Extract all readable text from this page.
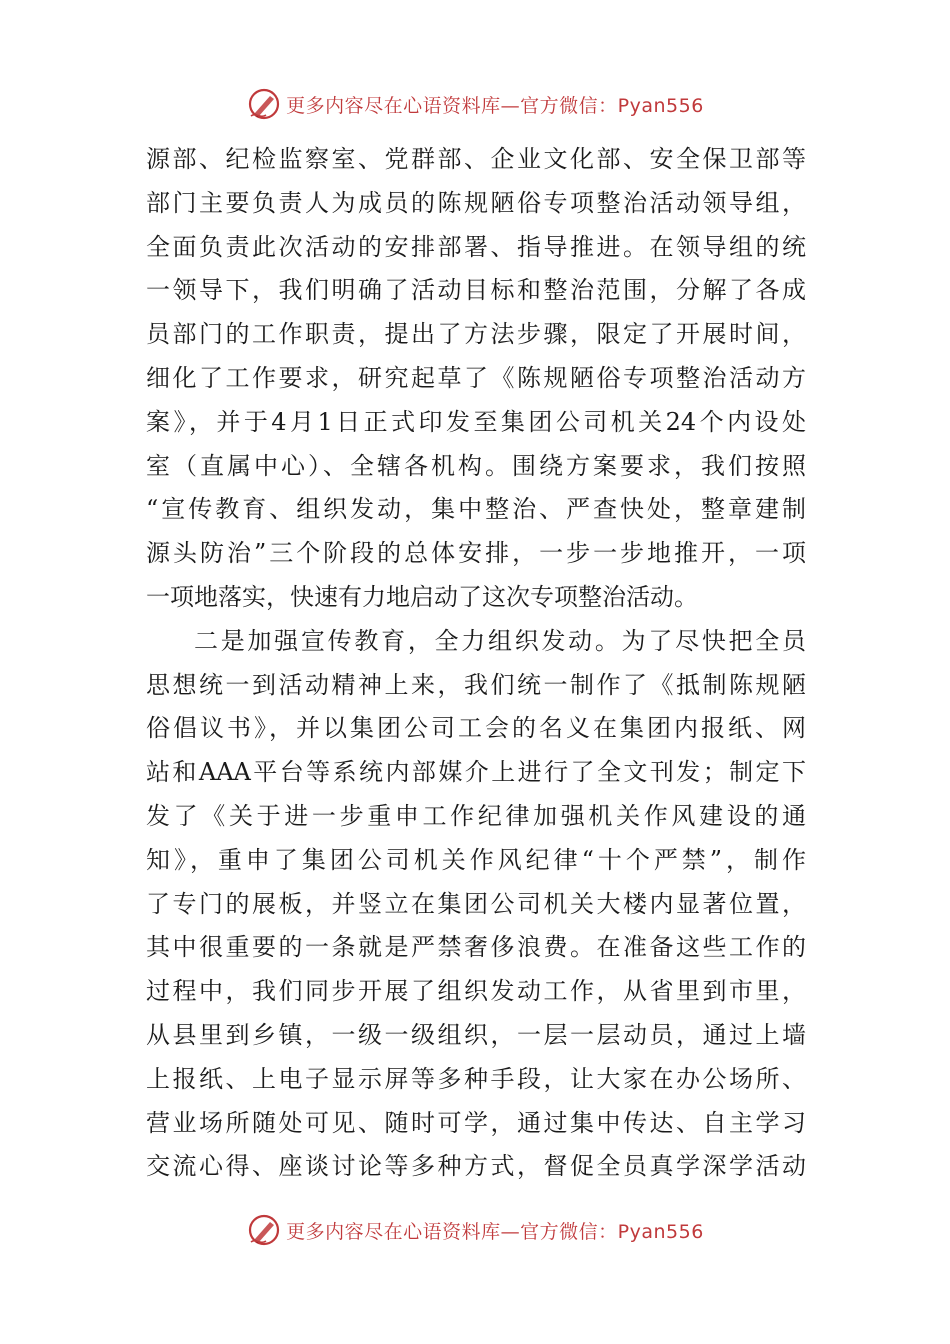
更多内容尽在心语资料库—官方微信：Pyan556
源部、纪检监察室、党群部、企业文化部、安全保卫部等
部门主要负责人为成员的陈规陋俗专项整治活动领导组，
全面负责此次活动的安排部署、指导推进。在领导组的统
一领导下，我们明确了活动目标和整治范围，分解了各成
员部门的工作职责，提出了方法步骤，限定了开展时间，
细化了工作要求，研究起草了《陈规陋俗专项整治活动方
案》，并于4月1日正式印发至集团公司机关24个内设处
室（直属中心）、全辖各机构。围绕方案要求，我们按照
“宣传教育、组织发动，集中整治、严查快处，整章建制
源头防治”三个阶段的总体安排，一步一步地推开，一项
一项地落实，快速有力地启动了这次专项整治活动。
二是加强宣传教育，全力组织发动。为了尽快把全员
思想统一到活动精神上来，我们统一制作了《抵制陈规陋
俗倡议书》，并以集团公司工会的名义在集团内报纸、网
站和AAA平台等系统内部媒介上进行了全文刊发；制定下
发了《关于进一步重申工作纪律加强机关作风建设的通
知》，重申了集团公司机关作风纪律“十个严禁”，制作
了专门的展板，并竖立在集团公司机关大楼内显著位置，
其中很重要的一条就是严禁奢侈浪费。在准备这些工作的
过程中，我们同步开展了组织发动工作，从省里到市里，
从县里到乡镇，一级一级组织，一层一层动员，通过上墙
上报纸、上电子显示屏等多种手段，让大家在办公场所、
营业场所随处可见、随时可学，通过集中传达、自主学习
交流心得、座谈讨论等多种方式，督促全员真学深学活动
更多内容尽在心语资料库—官方微信：Pyan556
